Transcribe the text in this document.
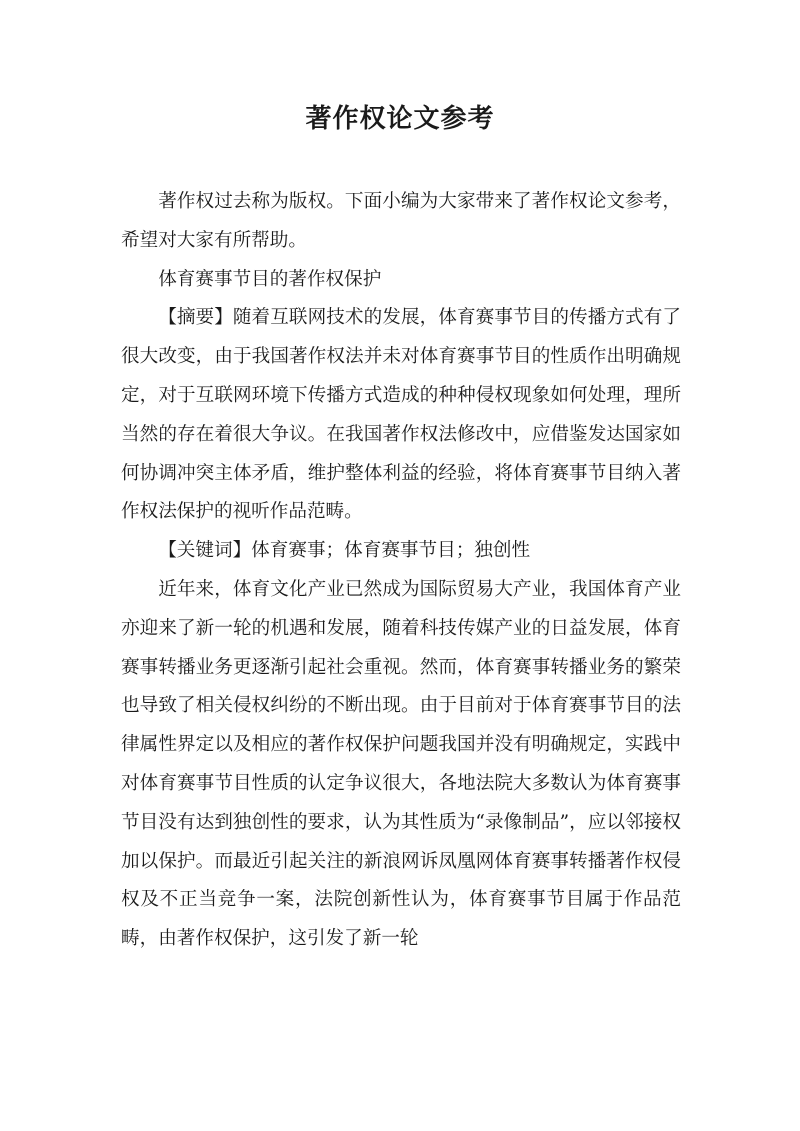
著作权论文参考

著作权过去称为版权。下面小编为大家带来了著作权论文参考，希望对大家有所帮助。

体育赛事节目的著作权保护

【摘要】随着互联网技术的发展，体育赛事节目的传播方式有了很大改变，由于我国著作权法并未对体育赛事节目的性质作出明确规定，对于互联网环境下传播方式造成的种种侵权现象如何处理，理所当然的存在着很大争议。在我国著作权法修改中，应借鉴发达国家如何协调冲突主体矛盾，维护整体利益的经验，将体育赛事节目纳入著作权法保护的视听作品范畴。

【关键词】体育赛事；体育赛事节目；独创性

近年来，体育文化产业已然成为国际贸易大产业，我国体育产业亦迎来了新一轮的机遇和发展，随着科技传媒产业的日益发展，体育赛事转播业务更逐渐引起社会重视。然而，体育赛事转播业务的繁荣也导致了相关侵权纠纷的不断出现。由于目前对于体育赛事节目的法律属性界定以及相应的著作权保护问题我国并没有明确规定，实践中对体育赛事节目性质的认定争议很大，各地法院大多数认为体育赛事节目没有达到独创性的要求，认为其性质为“录像制品”，应以邻接权加以保护。而最近引起关注的新浪网诉凤凰网体育赛事转播著作权侵权及不正当竞争一案，法院创新性认为，体育赛事节目属于作品范畴，由著作权保护，这引发了新一轮
